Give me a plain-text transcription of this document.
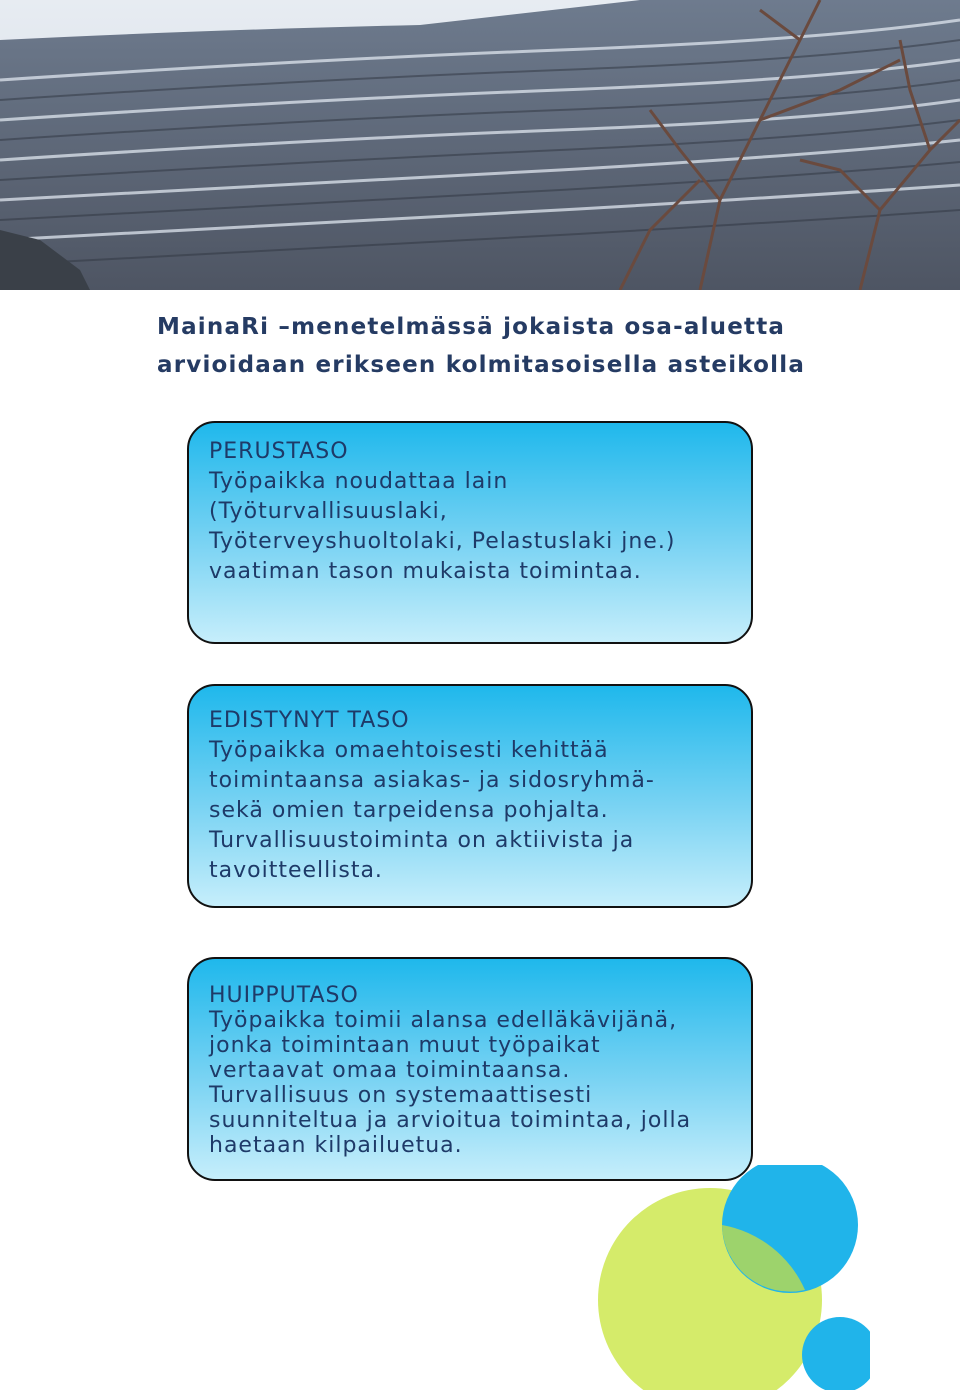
MainaRi –menetelmässä jokaista osa-aluetta
arvioidaan erikseen kolmitasoisella asteikolla
PERUSTASO
Työpaikka noudattaa lain
(Työturvallisuuslaki,
Työterveyshuoltolaki, Pelastuslaki jne.)
vaatiman tason mukaista toimintaa.
EDISTYNYT TASO
Työpaikka omaehtoisesti kehittää
toimintaansa asiakas- ja sidosryhmä-
sekä omien tarpeidensa pohjalta.
Turvallisuustoiminta on aktiivista ja
tavoitteellista.
HUIPPUTASO
Työpaikka toimii alansa edelläkävijänä,
jonka toimintaan muut työpaikat
vertaavat omaa toimintaansa.
Turvallisuus on systemaattisesti
suunniteltua ja arvioitua toimintaa, jolla
haetaan kilpailuetua.
